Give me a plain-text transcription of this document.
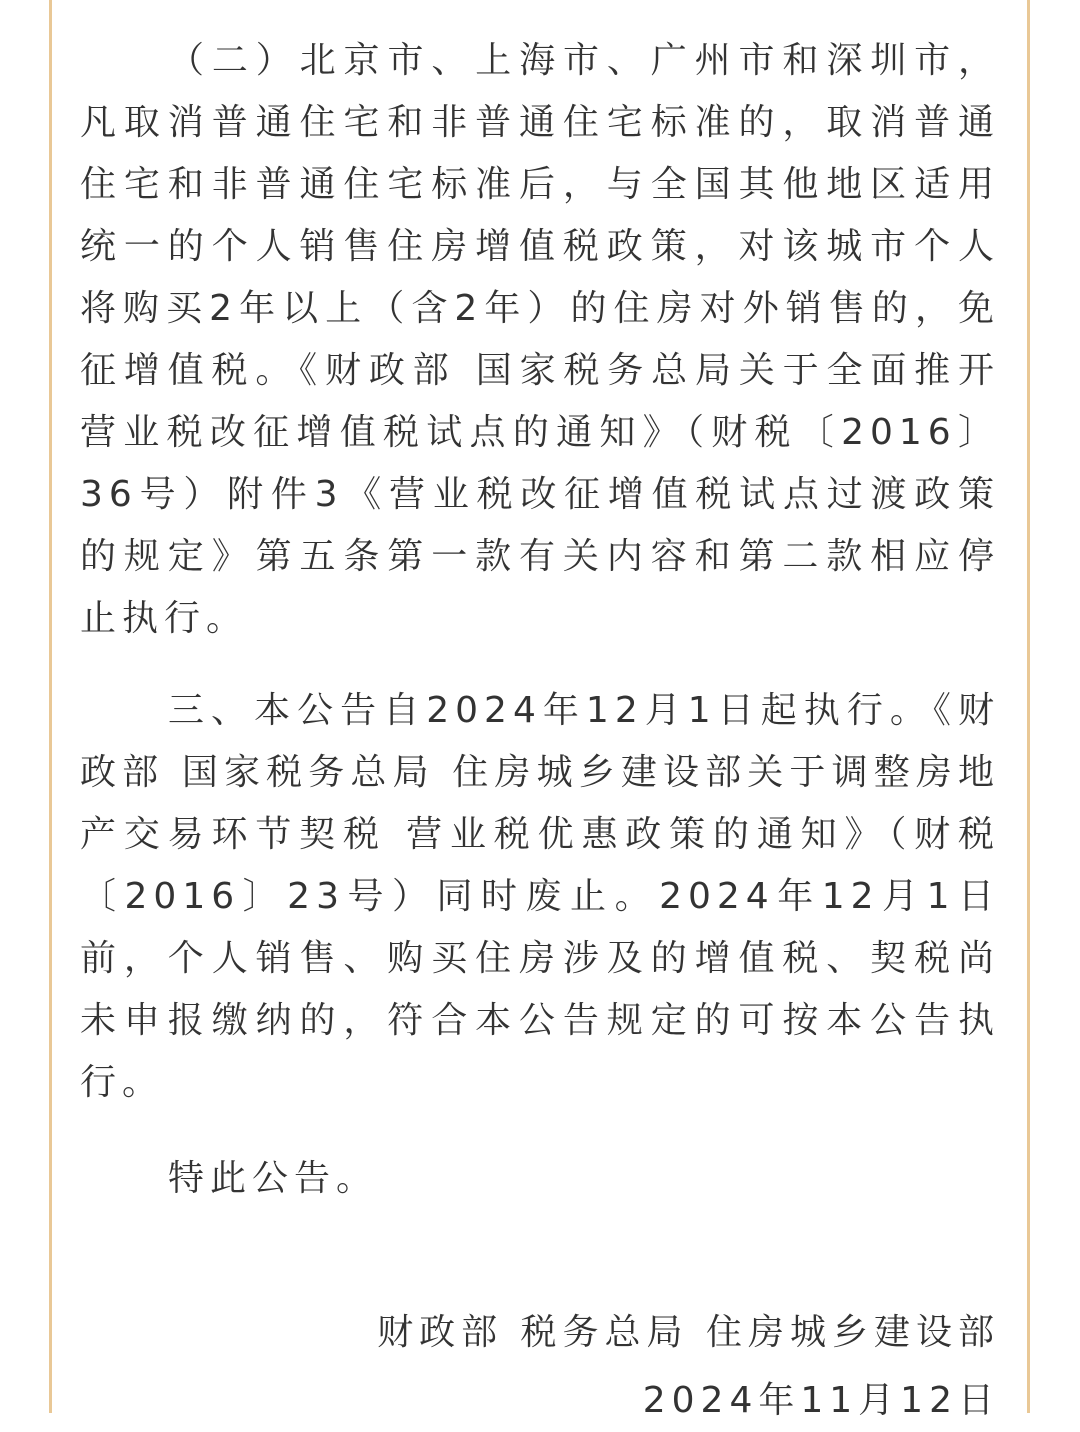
（二）北京市、上海市、广州市和深圳市，凡取消普通住宅和非普通住宅标准的，取消普通住宅和非普通住宅标准后，与全国其他地区适用统一的个人销售住房增值税政策，对该城市个人将购买2年以上（含2年）的住房对外销售的，免征增值税。《财政部 国家税务总局关于全面推开营业税改征增值税试点的通知》（财税〔2016〕36号）附件3《营业税改征增值税试点过渡政策的规定》第五条第一款有关内容和第二款相应停止执行。

三、本公告自2024年12月1日起执行。《财政部 国家税务总局 住房城乡建设部关于调整房地产交易环节契税 营业税优惠政策的通知》（财税〔2016〕23号）同时废止。2024年12月1日前，个人销售、购买住房涉及的增值税、契税尚未申报缴纳的，符合本公告规定的可按本公告执行。

特此公告。

财政部 税务总局 住房城乡建设部

2024年11月12日
